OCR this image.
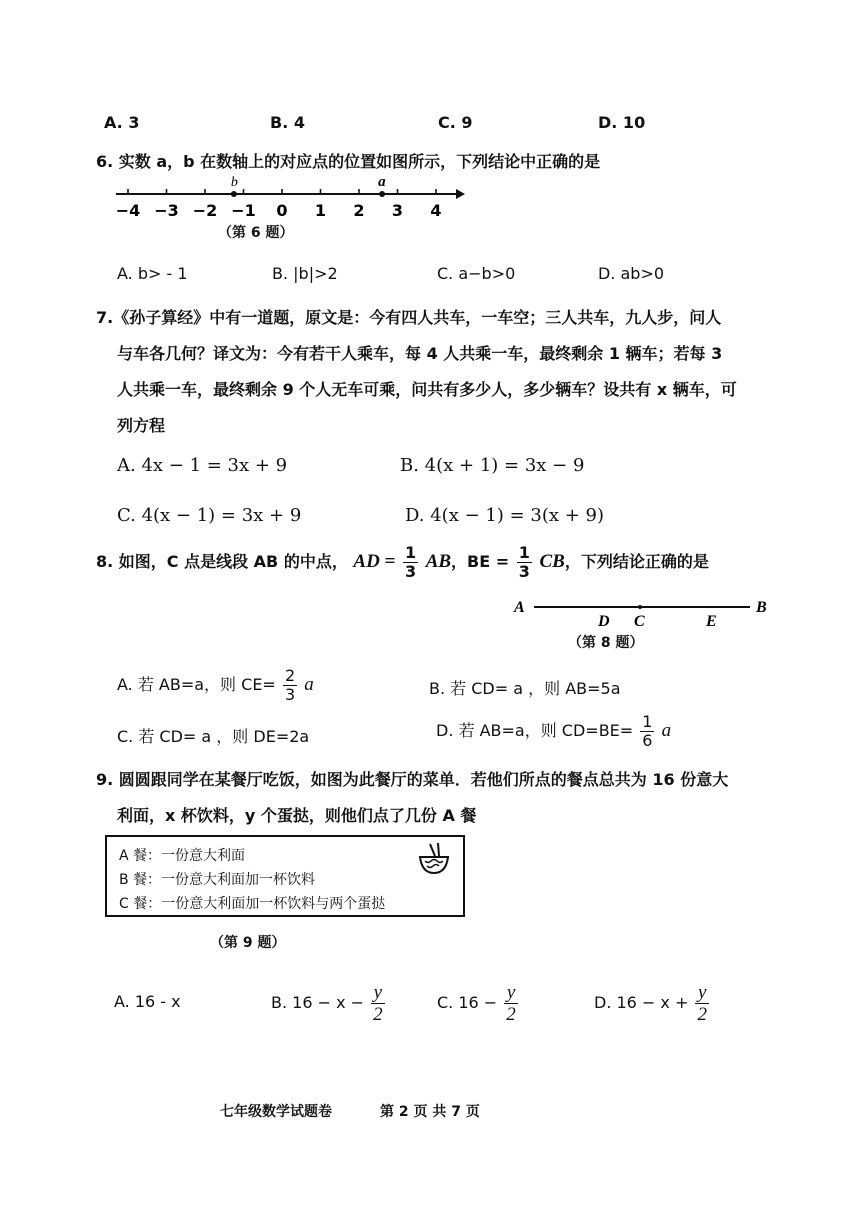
A. 3	B. 4	C. 9	D. 10
6. 实数 a，b 在数轴上的对应点的位置如图所示，下列结论中正确的是
−4 −3 −2 −1 0 1 2 3 4
b	a
（第 6 题）
A. b> - 1	B. |b|>2	C. a−b>0	D. ab>0
7.《孙子算经》中有一道题，原文是：今有四人共车，一车空；三人共车，九人步，问人
与车各几何？译文为：今有若干人乘车，每 4 人共乘一车，最终剩余 1 辆车；若每 3
人共乘一车，最终剩余 9 个人无车可乘，问共有多少人，多少辆车？设共有 x 辆车，可
列方程
A. 4x − 1 = 3x + 9	B. 4(x + 1) = 3x − 9
C. 4(x − 1) = 3x + 9	D. 4(x − 1) = 3(x + 9)
8. 如图，C 点是线段 AB 的中点， AD = $\frac{1}{3}$ AB，BE = $\frac{1}{3}$ CB，下列结论正确的是
A
D C	E
B
（第 8 题）
A. 若 AB=a，则 $CE= \frac{2}{3}$ a	B. 若 CD= a ，则 AB=5a
C. 若 CD= a ，则 DE=2a	D. 若 AB=a，则 $CD=BE= \frac{1}{6}$ a
9. 圆圆跟同学在某餐厅吃饭，如图为此餐厅的菜单．若他们所点的餐点总共为 16 份意大
利面，x 杯饮料，y 个蛋挞，则他们点了几份 A 餐
A 餐：一份意大利面
B 餐：一份意大利面加一杯饮料
C 餐：一份意大利面加一杯饮料与两个蛋挞
（第 9 题）
A. 16 - x	B. $16 - x - \frac{y}{2}$	C. $16 - \frac{y}{2}$	D. $16 - x + \frac{y}{2}$
七年级数学试题卷	第 2 页 共 7 页
